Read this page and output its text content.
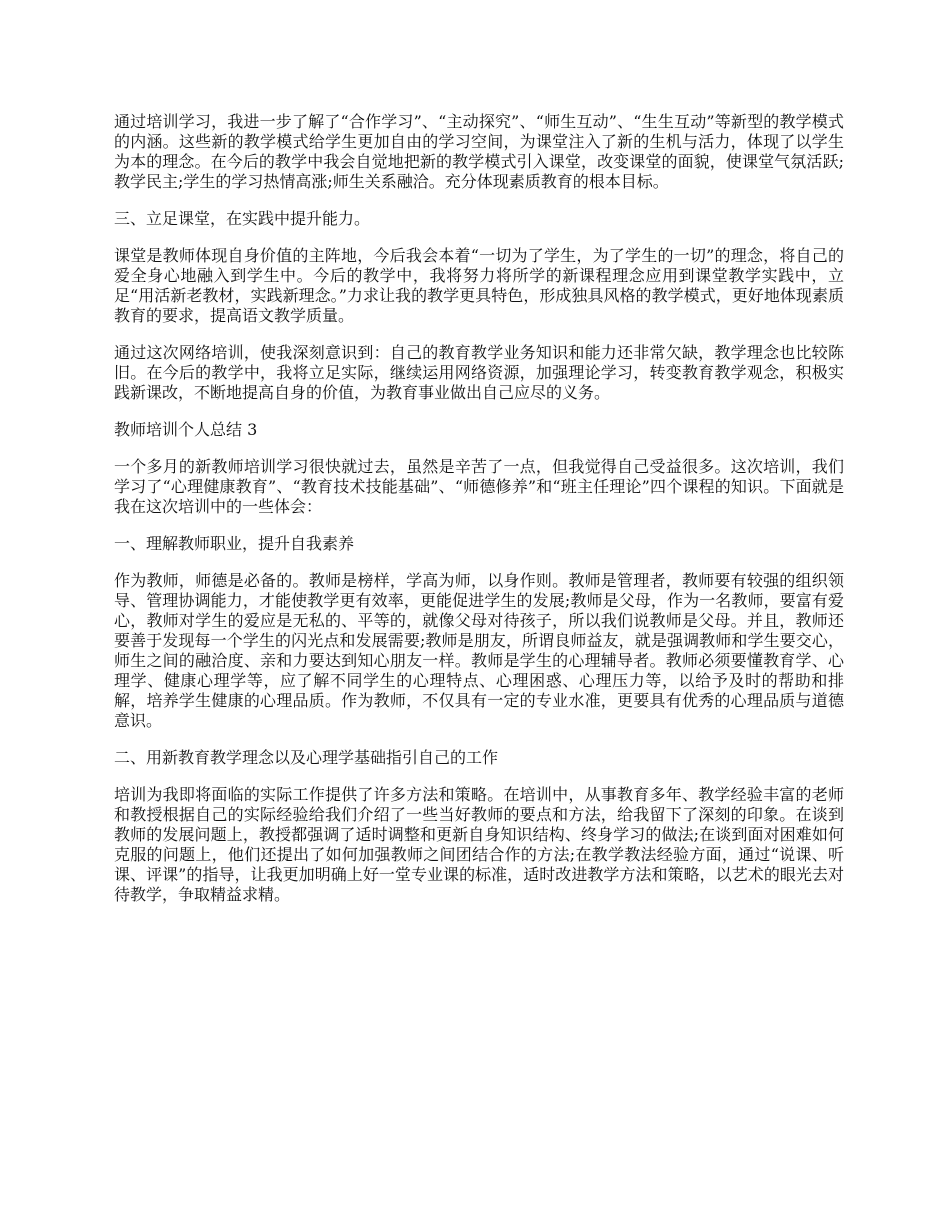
通过培训学习，我进一步了解了“合作学习”、“主动探究”、“师生互动”、“生生互动”等新型的教学模式的内涵。这些新的教学模式给学生更加自由的学习空间，为课堂注入了新的生机与活力，体现了以学生为本的理念。在今后的教学中我会自觉地把新的教学模式引入课堂，改变课堂的面貌，使课堂气氛活跃;教学民主;学生的学习热情高涨;师生关系融洽。充分体现素质教育的根本目标。

三、立足课堂，在实践中提升能力。

课堂是教师体现自身价值的主阵地，今后我会本着“一切为了学生，为了学生的一切”的理念，将自己的爱全身心地融入到学生中。今后的教学中，我将努力将所学的新课程理念应用到课堂教学实践中，立足“用活新老教材，实践新理念。”力求让我的教学更具特色，形成独具风格的教学模式，更好地体现素质教育的要求，提高语文教学质量。

通过这次网络培训，使我深刻意识到：自己的教育教学业务知识和能力还非常欠缺，教学理念也比较陈旧。在今后的教学中，我将立足实际，继续运用网络资源，加强理论学习，转变教育教学观念，积极实践新课改，不断地提高自身的价值，为教育事业做出自己应尽的义务。

教师培训个人总结 3

一个多月的新教师培训学习很快就过去，虽然是辛苦了一点，但我觉得自己受益很多。这次培训，我们学习了“心理健康教育”、“教育技术技能基础”、“师德修养”和“班主任理论”四个课程的知识。下面就是我在这次培训中的一些体会：

一、理解教师职业，提升自我素养

作为教师，师德是必备的。教师是榜样，学高为师，以身作则。教师是管理者，教师要有较强的组织领导、管理协调能力，才能使教学更有效率，更能促进学生的发展;教师是父母，作为一名教师，要富有爱心，教师对学生的爱应是无私的、平等的，就像父母对待孩子，所以我们说教师是父母。并且，教师还要善于发现每一个学生的闪光点和发展需要;教师是朋友，所谓良师益友，就是强调教师和学生要交心，师生之间的融洽度、亲和力要达到知心朋友一样。教师是学生的心理辅导者。教师必须要懂教育学、心理学、健康心理学等，应了解不同学生的心理特点、心理困惑、心理压力等，以给予及时的帮助和排解，培养学生健康的心理品质。作为教师，不仅具有一定的专业水准，更要具有优秀的心理品质与道德意识。

二、用新教育教学理念以及心理学基础指引自己的工作

培训为我即将面临的实际工作提供了许多方法和策略。在培训中，从事教育多年、教学经验丰富的老师和教授根据自己的实际经验给我们介绍了一些当好教师的要点和方法，给我留下了深刻的印象。在谈到教师的发展问题上，教授都强调了适时调整和更新自身知识结构、终身学习的做法;在谈到面对困难如何克服的问题上，他们还提出了如何加强教师之间团结合作的方法;在教学教法经验方面，通过“说课、听课、评课”的指导，让我更加明确上好一堂专业课的标准，适时改进教学方法和策略，以艺术的眼光去对待教学，争取精益求精。
